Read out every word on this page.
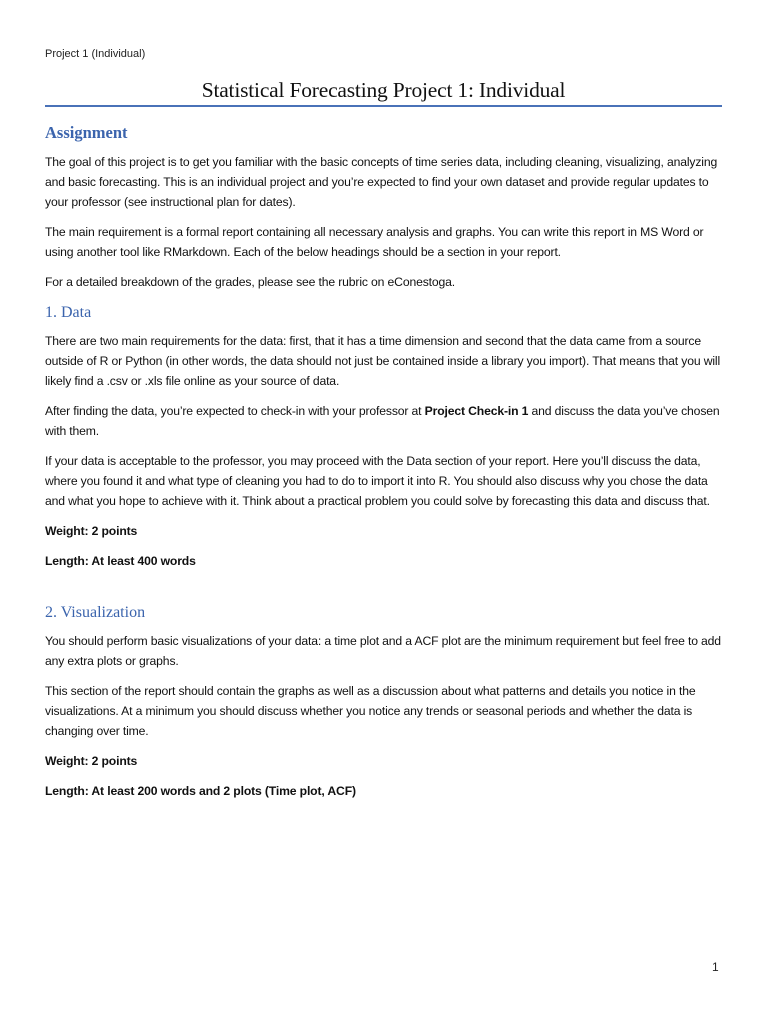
Project 1 (Individual)
Statistical Forecasting Project 1: Individual
Assignment

The goal of this project is to get you familiar with the basic concepts of time series data, including cleaning, visualizing, analyzing and basic forecasting. This is an individual project and you’re expected to find your own dataset and provide regular updates to your professor (see instructional plan for dates).

The main requirement is a formal report containing all necessary analysis and graphs. You can write this report in MS Word or using another tool like RMarkdown. Each of the below headings should be a section in your report.

For a detailed breakdown of the grades, please see the rubric on eConestoga.

1. Data

There are two main requirements for the data: first, that it has a time dimension and second that the data came from a source outside of R or Python (in other words, the data should not just be contained inside a library you import). That means that you will likely find a .csv or .xls file online as your source of data.

After finding the data, you’re expected to check-in with your professor at Project Check-in 1 and discuss the data you’ve chosen with them.

If your data is acceptable to the professor, you may proceed with the Data section of your report. Here you’ll discuss the data, where you found it and what type of cleaning you had to do to import it into R. You should also discuss why you chose the data and what you hope to achieve with it. Think about a practical problem you could solve by forecasting this data and discuss that.

Weight: 2 points

Length: At least 400 words

2. Visualization

You should perform basic visualizations of your data: a time plot and a ACF plot are the minimum requirement but feel free to add any extra plots or graphs.

This section of the report should contain the graphs as well as a discussion about what patterns and details you notice in the visualizations. At a minimum you should discuss whether you notice any trends or seasonal periods and whether the data is changing over time.

Weight: 2 points

Length: At least 200 words and 2 plots (Time plot, ACF)

1
